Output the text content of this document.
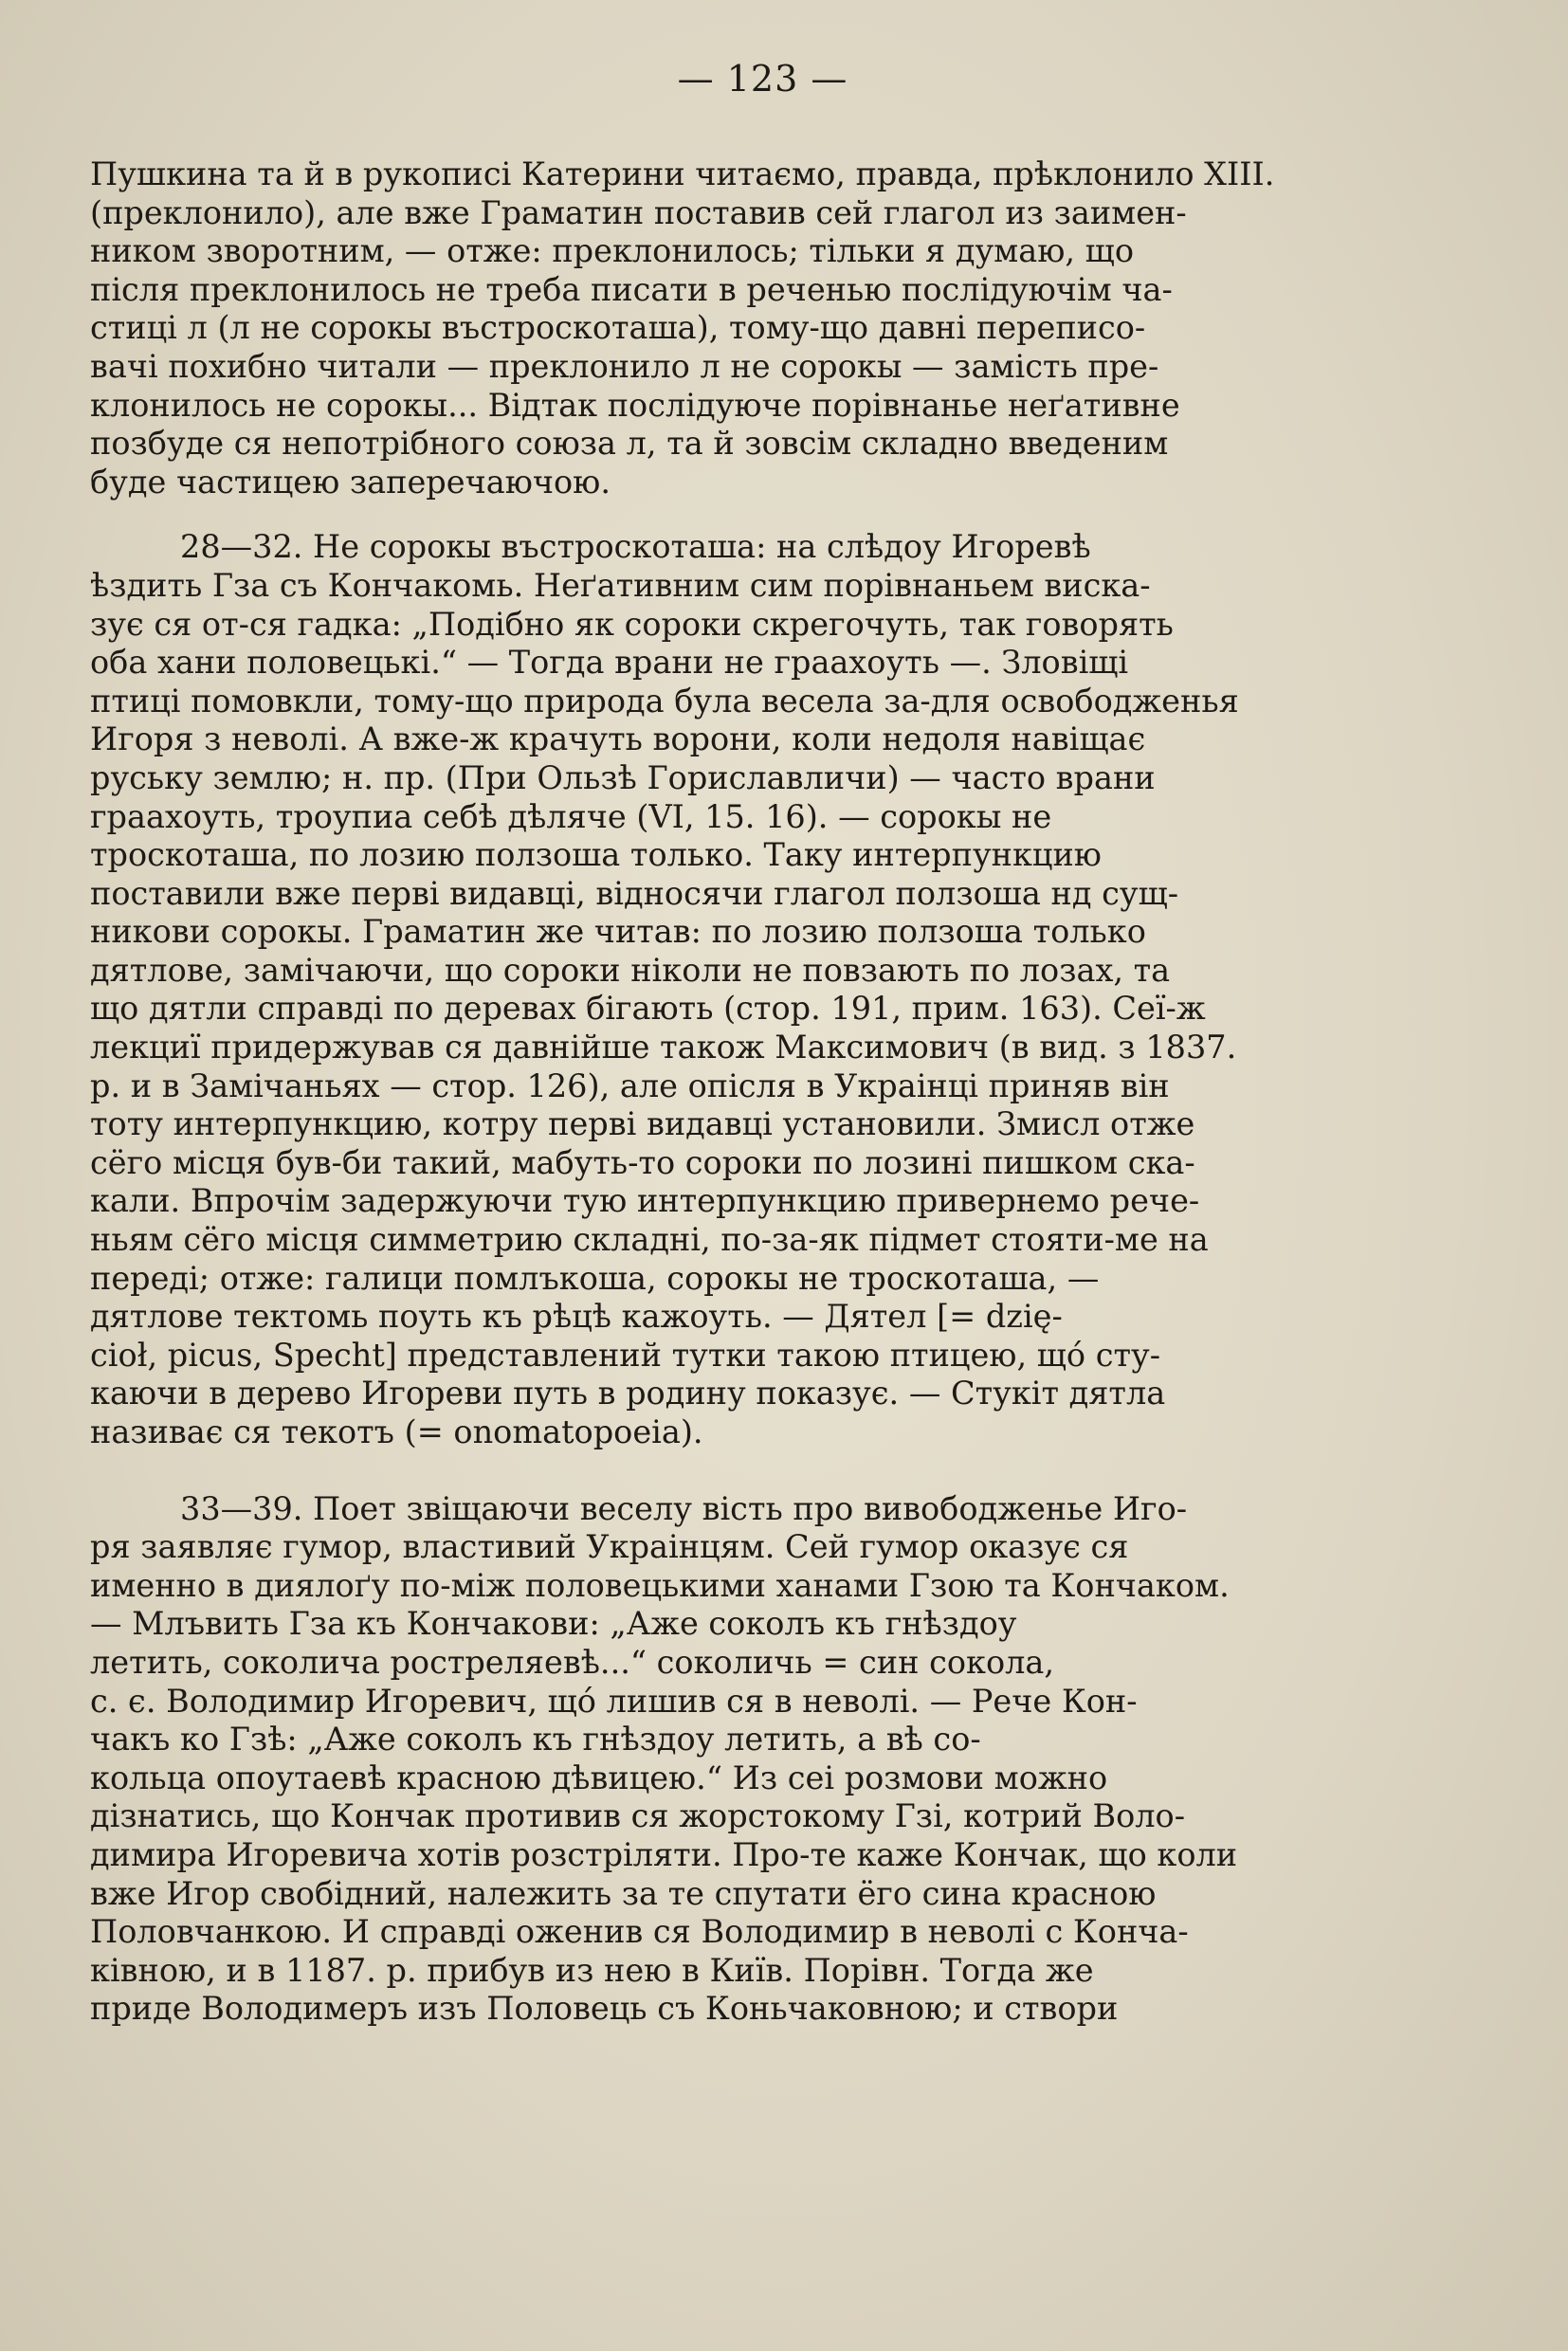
— 123 —
Пушкина та й в рукописі Катерини читаємо, правда, прѣклонило XIII.
(преклонило), але вже Граматин поставив сей глагол из заимен-
ником зворотним, — отже: преклонилось; тільки я думаю, що
після преклонилось не треба писати в реченью послідуючім ча-
стиці л (л не сорокы въстроскоташа), тому-що давні переписо-
вачі похибно читали — преклонило л не сорокы — замість пре-
клонилось не сорокы... Відтак послідуюче порівнанье неґативне
позбуде ся непотрібного союза л, та й зовсім складно введеним
буде частицею заперечаючою.
28—32. Не сорокы въстроскоташа: на слѣдоу Игоревѣ
ѣздить Гза съ Кончакомь. Неґативним сим порівнаньем виска-
зує ся от-ся гадка: „Подібно як сороки скрегочуть, так говорять
оба хани половецькі.“ — Тогда врани не граахоуть —. Зловіщі
птиці помовкли, тому-що природа була весела за-для освободженья
Игоря з неволі. А вже-ж крачуть ворони, коли недоля навіщає
руську землю; н. пр. (При Ользѣ Гориславличи) — часто врани
граахоуть, троупиа себѣ дѣляче (VI, 15. 16). — сорокы не
троскоташа, по лозию ползоша только. Таку интерпункцию
поставили вже перві видавці, відносячи глагол ползоша нд сущ-
никови сорокы. Граматин же читав: по лозию ползоша только
дятлове, замічаючи, що сороки ніколи не повзають по лозах, та
що дятли справді по деревах бігають (стор. 191, прим. 163). Сеї-ж
лекциї придержував ся давнійше також Максимович (в вид. з 1837.
р. и в Замічаньях — стор. 126), але опісля в Украінці приняв він
тоту интерпункцию, котру перві видавці установили. Змисл отже
сёго місця був-би такий, мабуть-то сороки по лозині пишком ска-
кали. Впрочім задержуючи тую интерпункцию привернемо рече-
ньям сёго місця симметрию складні, по-за-як підмет стояти-ме на
переді; отже: галици помлъкоша, сорокы не троскоташа, —
дятлове тектомь поуть къ рѣцѣ кажоуть. — Дятел [= dzię-
cioł, picus, Specht] представлений тутки такою птицею, щó сту-
каючи в дерево Игореви путь в родину показує. — Стукіт дятла
називає ся текотъ (= onomatopoeia).
33—39. Поет звіщаючи веселу вість про вивободженье Иго-
ря заявляє гумор, властивий Украінцям. Сей гумор оказує ся
именно в диялоґу по-між половецькими ханами Гзою та Кончаком.
— Млъвить Гза къ Кончакови: „Аже соколъ къ гнѣздоу
летить, соколича ростреляевѣ...“ соколичь = син сокола,
с. є. Володимир Игоревич, щó лишив ся в неволі. — Рече Кон-
чакъ ко Гзѣ: „Аже соколъ къ гнѣздоу летить, а вѣ со-
кольца опоутаевѣ красною дѣвицею.“ Из сеі розмови можно
дізнатись, що Кончак противив ся жорстокому Гзі, котрий Воло-
димира Игоревича хотів розстріляти. Про-те каже Кончак, що коли
вже Игор свобідний, належить за те спутати ёго сина красною
Половчанкою. И справді оженив ся Володимир в неволі с Конча-
ківною, и в 1187. р. прибув из нею в Київ. Порівн. Тогда же
приде Володимеръ изъ Половець съ Коньчаковною; и створи
